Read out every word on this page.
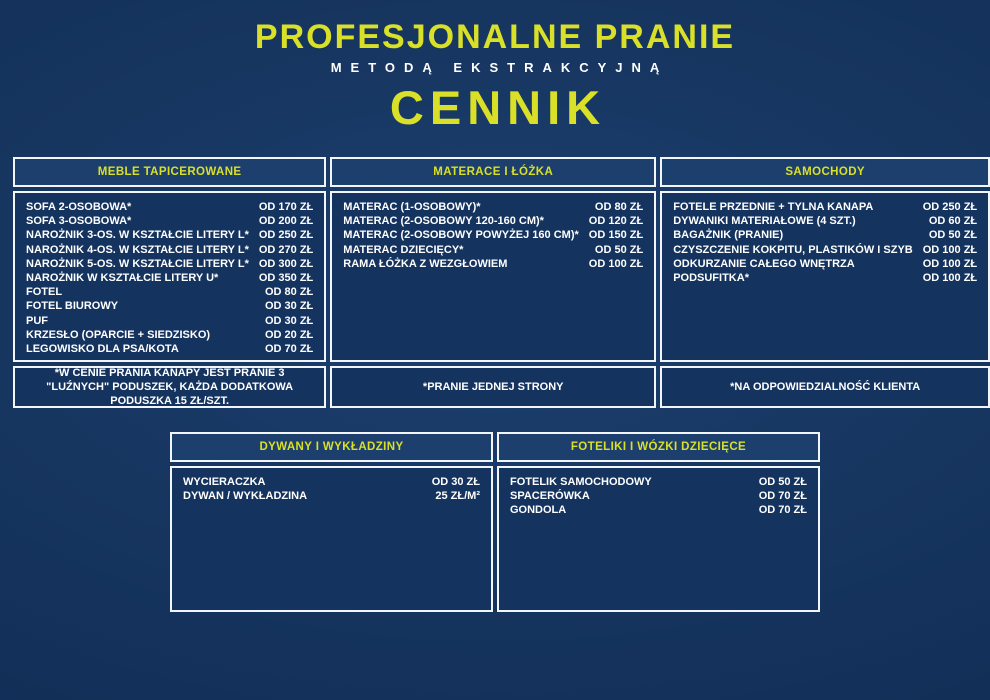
PROFESJONALNE PRANIE
METODĄ EKSTRAKCYJNĄ
CENNIK
MEBLE TAPICEROWANE	MATERACE I ŁÓŻKA	SAMOCHODY
SOFA 2-OSOBOWA*	OD 170 ZŁ
SOFA 3-OSOBOWA*	OD 200 ZŁ
NAROŻNIK 3-OS. W KSZTAŁCIE LITERY L* OD 250 ZŁ
NAROŻNIK 4-OS. W KSZTAŁCIE LITERY L* OD 270 ZŁ
NAROŻNIK 5-OS. W KSZTAŁCIE LITERY L* OD 300 ZŁ
NAROŻNIK W KSZTAŁCIE LITERY U*	OD 350 ZŁ
FOTEL	OD 80 ZŁ
FOTEL BIUROWY	OD 30 ZŁ
PUF	OD 30 ZŁ
KRZESŁO (OPARCIE + SIEDZISKO)	OD 20 ZŁ
LEGOWISKO DLA PSA/KOTA	OD 70 ZŁ
MATERAC (1-OSOBOWY)*	OD 80 ZŁ
MATERAC (2-OSOBOWY 120-160 CM)*	OD 120 ZŁ
MATERAC (2-OSOBOWY POWYŻEJ 160 CM)* OD 150 ZŁ
MATERAC DZIECIĘCY*	OD 50 ZŁ
RAMA ŁÓŻKA Z WEZGŁOWIEM	OD 100 ZŁ
FOTELE PRZEDNIE + TYLNA KANAPA	OD 250 ZŁ
DYWANIKI MATERIAŁOWE (4 SZT.)	OD 60 ZŁ
BAGAŻNIK (PRANIE)	OD 50 ZŁ
CZYSZCZENIE KOKPITU, PLASTIKÓW I SZYB OD 100 ZŁ
ODKURZANIE CAŁEGO WNĘTRZA	OD 100 ZŁ
PODSUFITKA*	OD 100 ZŁ
*W CENIE PRANIA KANAPY JEST PRANIE 3 "LUŹNYCH" PODUSZEK, KAŻDA DODATKOWA PODUSZKA 15 ZŁ/SZT.
*PRANIE JEDNEJ STRONY	*NA ODPOWIEDZIALNOŚĆ KLIENTA
DYWANY I WYKŁADZINY	FOTELIKI I WÓZKI DZIECIĘCE
WYCIERACZKA	OD 30 ZŁ
DYWAN / WYKŁADZINA	25 ZŁ/M²
FOTELIK SAMOCHODOWY	OD 50 ZŁ
SPACERÓWKA	OD 70 ZŁ
GONDOLA	OD 70 ZŁ
